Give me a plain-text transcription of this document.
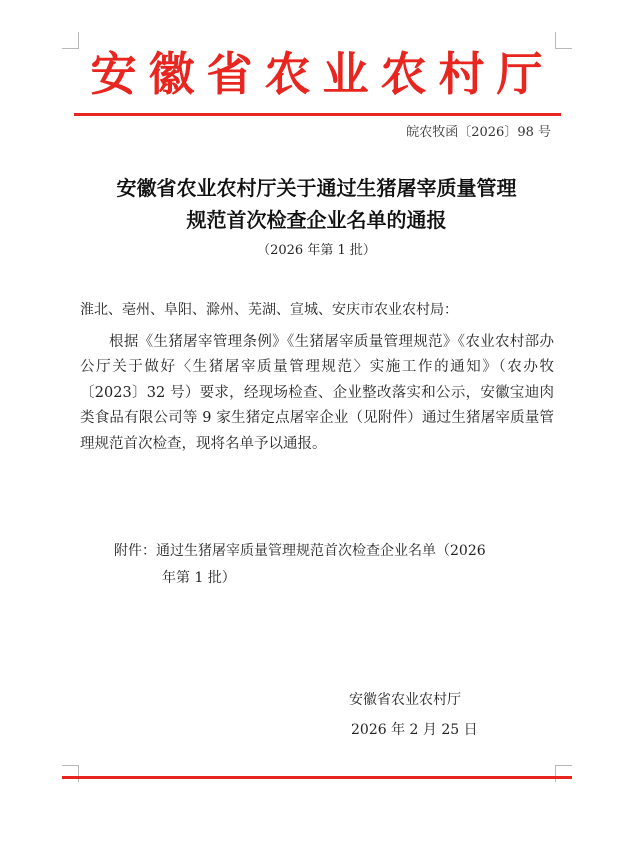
安徽省农业农村厅
皖农牧函〔2026〕98 号
安徽省农业农村厅关于通过生猪屠宰质量管理
规范首次检查企业名单的通报
（2026 年第 1 批）
淮北、亳州、阜阳、滁州、芜湖、宣城、安庆市农业农村局：
根据《生猪屠宰管理条例》《生猪屠宰质量管理规范》《农业农村部办公厅关于做好〈生猪屠宰质量管理规范〉实施工作的通知》（农办牧〔2023〕32 号）要求，经现场检查、企业整改落实和公示，安徽宝迪肉类食品有限公司等 9 家生猪定点屠宰企业（见附件）通过生猪屠宰质量管理规范首次检查，现将名单予以通报。
附件：通过生猪屠宰质量管理规范首次检查企业名单（2026
年第 1 批）
安徽省农业农村厅
2026 年 2 月 25 日
